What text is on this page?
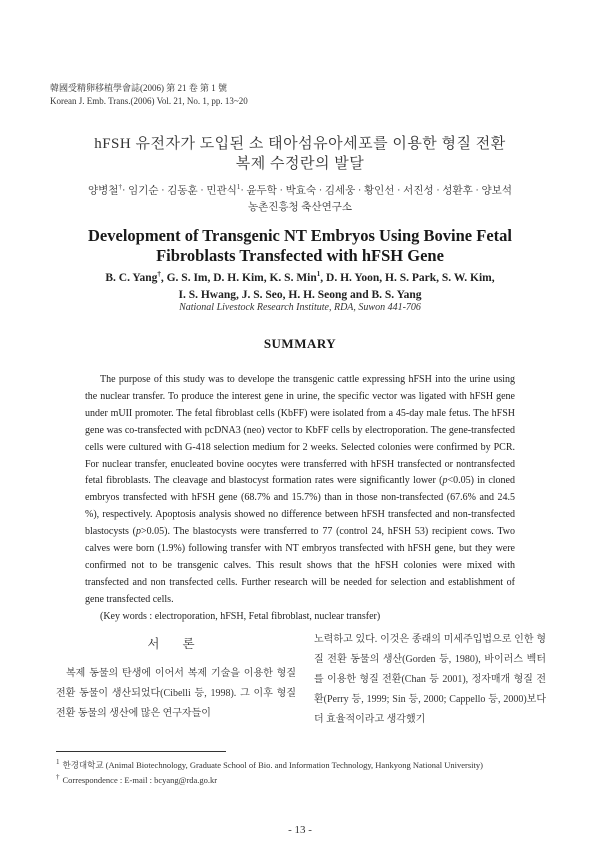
韓國受精卵移植學會誌(2006) 第 21 卷 第 1 號
Korean J. Emb. Trans.(2006) Vol. 21, No. 1, pp. 13~20
hFSH 유전자가 도입된 소 태아섬유아세포를 이용한 형질 전환
복제 수정란의 발달
양병철†· 임기순 · 김동훈 · 민관식$^1$· 윤두학 · 박효숙 · 김세웅 · 황인선 · 서진성 · 성환후 · 양보석
농촌진흥청 축산연구소
Development of Transgenic NT Embryos Using Bovine Fetal
Fibroblasts Transfected with hFSH Gene
B. C. Yang†, G. S. Im, D. H. Kim, K. S. Min$^1$, D. H. Yoon, H. S. Park, S. W. Kim,
I. S. Hwang, J. S. Seo, H. H. Seong and B. S. Yang
National Livestock Research Institute, RDA, Suwon 441-706
SUMMARY

The purpose of this study was to develope the transgenic cattle expressing hFSH into the urine using the nuclear transfer. To produce the interest gene in urine, the specific vector was ligated with hFSH gene under mUII promoter. The fetal fibroblast cells (KbFF) were isolated from a 45-day male fetus. The hFSH gene was co-transfected with pcDNA3 (neo) vector to KbFF cells by electroporation. The gene-transfected cells were cultured with G-418 selection medium for 2 weeks. Selected colonies were confirmed by PCR. For nuclear transfer, enucleated bovine oocytes were transferred with hFSH transfected or nontransfected fetal fibroblasts. The cleavage and blastocyst formation rates were significantly lower (p<0.05) in cloned embryos transfected with hFSH gene (68.7% and 15.7%) than in those non-transfected (67.6% and 24.5 %), respectively. Apoptosis analysis showed no difference between hFSH transfected and non-transfected blastocysts (p>0.05). The blastocysts were transferred to 77 (control 24, hFSH 53) recipient cows. Two calves were born (1.9%) following transfer with NT embryos transfected with hFSH gene, but they were confirmed not to be transgenic calves. This result shows that the hFSH colonies were mixed with transfected and non transfected cells. Further research will be needed for selection and establishment of gene transfected cells.

(Key words : electroporation, hFSH, Fetal fibroblast, nuclear transfer)

서 론

복제 동물의 탄생에 이어서 복제 기술을 이용한 형질 전환 동물이 생산되었다(Cibelli 등, 1998). 그 이후 형질 전환 동물의 생산에 많은 연구자들이

노력하고 있다. 이것은 종래의 미세주입법으로 인한 형질 전환 동물의 생산(Gorden 등, 1980), 바이러스 벡터를 이용한 형질 전환(Chan 등 2001), 정자매개 형질 전환(Perry 등, 1999; Sin 등, 2000; Cappello 등, 2000)보다 더 효율적이라고 생각했기

$^1$ 한경대학교 (Animal Biotechnology, Graduate School of Bio. and Information Technology, Hankyong National University)
† Correspondence : E-mail : bcyang@rda.go.kr
- 13 -
